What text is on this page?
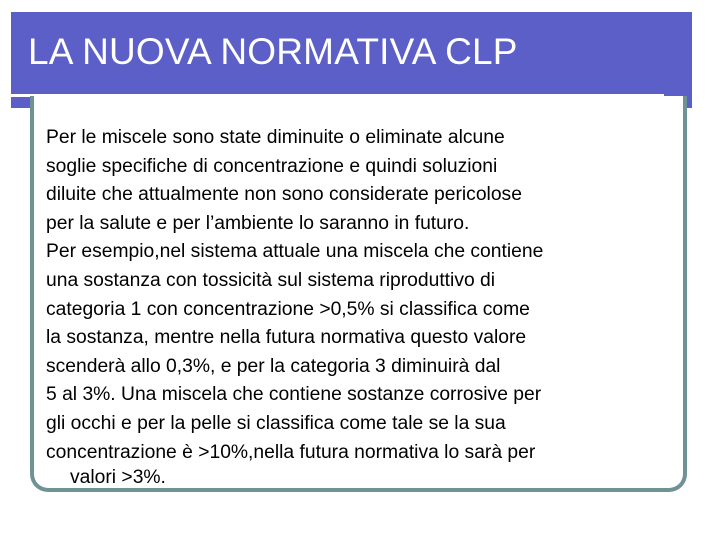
LA NUOVA NORMATIVA CLP
Per le miscele sono state diminuite o eliminate alcune
soglie specifiche di concentrazione e quindi soluzioni
diluite che attualmente non sono considerate pericolose
per la salute e per l’ambiente lo saranno in futuro.
Per esempio,nel sistema attuale una miscela che contiene
una sostanza con tossicità sul sistema riproduttivo di
categoria 1 con concentrazione >0,5% si classifica come
la sostanza, mentre nella futura normativa questo valore
scenderà allo 0,3%, e per la categoria 3 diminuirà dal
5 al 3%. Una miscela che contiene sostanze corrosive per
gli occhi e per la pelle si classifica come tale se la sua
concentrazione è >10%,nella futura normativa lo sarà per
valori >3%.
